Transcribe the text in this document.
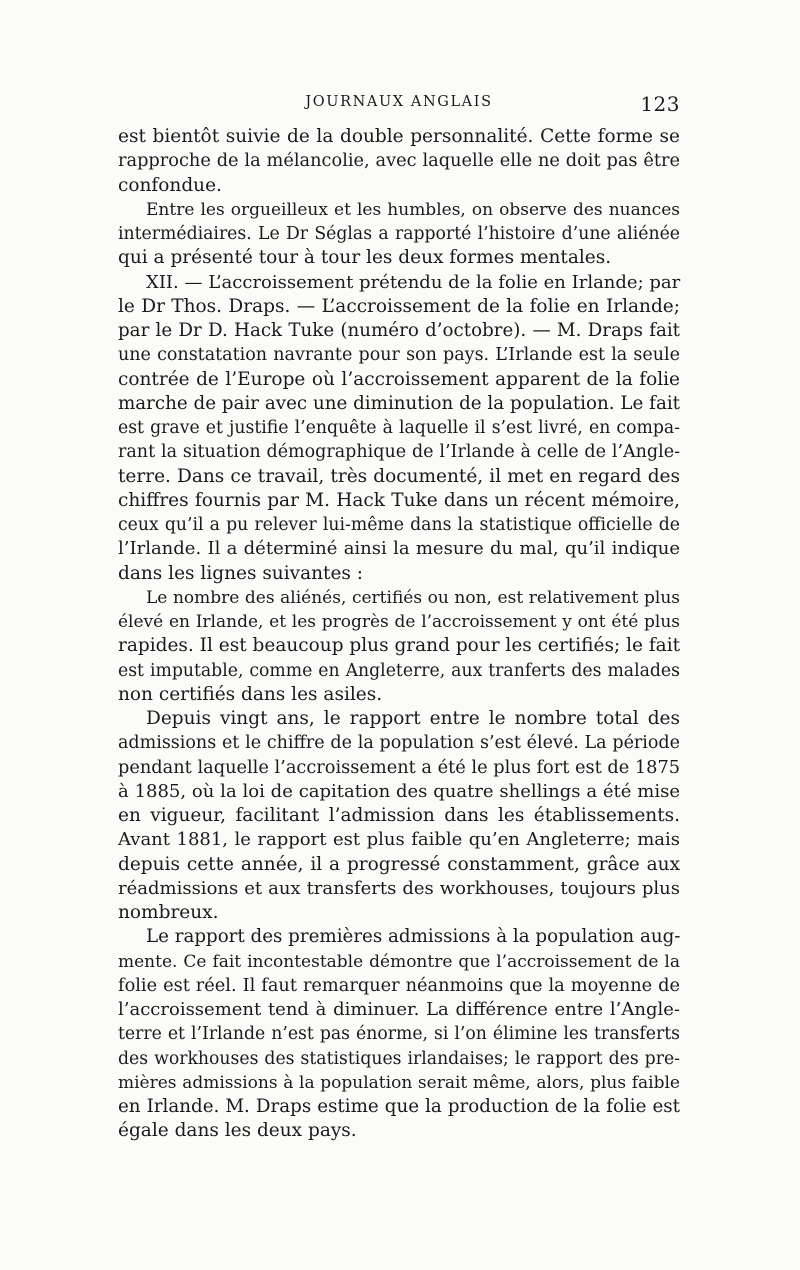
JOURNAUX ANGLAIS	123
est bientôt suivie de la double personnalité. Cette forme se
rapproche de la mélancolie, avec laquelle elle ne doit pas être
confondue.
Entre les orgueilleux et les humbles, on observe des nuances
intermédiaires. Le Dr Séglas a rapporté l’histoire d’une aliénée
qui a présenté tour à tour les deux formes mentales.
XII. — L’accroissement prétendu de la folie en Irlande; par
le Dr Thos. Draps. — L’accroissement de la folie en Irlande;
par le Dr D. Hack Tuke (numéro d’octobre). — M. Draps fait
une constatation navrante pour son pays. L’Irlande est la seule
contrée de l’Europe où l’accroissement apparent de la folie
marche de pair avec une diminution de la population. Le fait
est grave et justifie l’enquête à laquelle il s’est livré, en compa-
rant la situation démographique de l’Irlande à celle de l’Angle-
terre. Dans ce travail, très documenté, il met en regard des
chiffres fournis par M. Hack Tuke dans un récent mémoire,
ceux qu’il a pu relever lui-même dans la statistique officielle de
l’Irlande. Il a déterminé ainsi la mesure du mal, qu’il indique
dans les lignes suivantes :
Le nombre des aliénés, certifiés ou non, est relativement plus
élevé en Irlande, et les progrès de l’accroissement y ont été plus
rapides. Il est beaucoup plus grand pour les certifiés; le fait
est imputable, comme en Angleterre, aux tranferts des malades
non certifiés dans les asiles.
Depuis vingt ans, le rapport entre le nombre total des
admissions et le chiffre de la population s’est élevé. La période
pendant laquelle l’accroissement a été le plus fort est de 1875
à 1885, où la loi de capitation des quatre shellings a été mise
en vigueur, facilitant l’admission dans les établissements.
Avant 1881, le rapport est plus faible qu’en Angleterre; mais
depuis cette année, il a progressé constamment, grâce aux
réadmissions et aux transferts des workhouses, toujours plus
nombreux.
Le rapport des premières admissions à la population aug-
mente. Ce fait incontestable démontre que l’accroissement de la
folie est réel. Il faut remarquer néanmoins que la moyenne de
l’accroissement tend à diminuer. La différence entre l’Angle-
terre et l’Irlande n’est pas énorme, si l’on élimine les transferts
des workhouses des statistiques irlandaises; le rapport des pre-
mières admissions à la population serait même, alors, plus faible
en Irlande. M. Draps estime que la production de la folie est
égale dans les deux pays.
